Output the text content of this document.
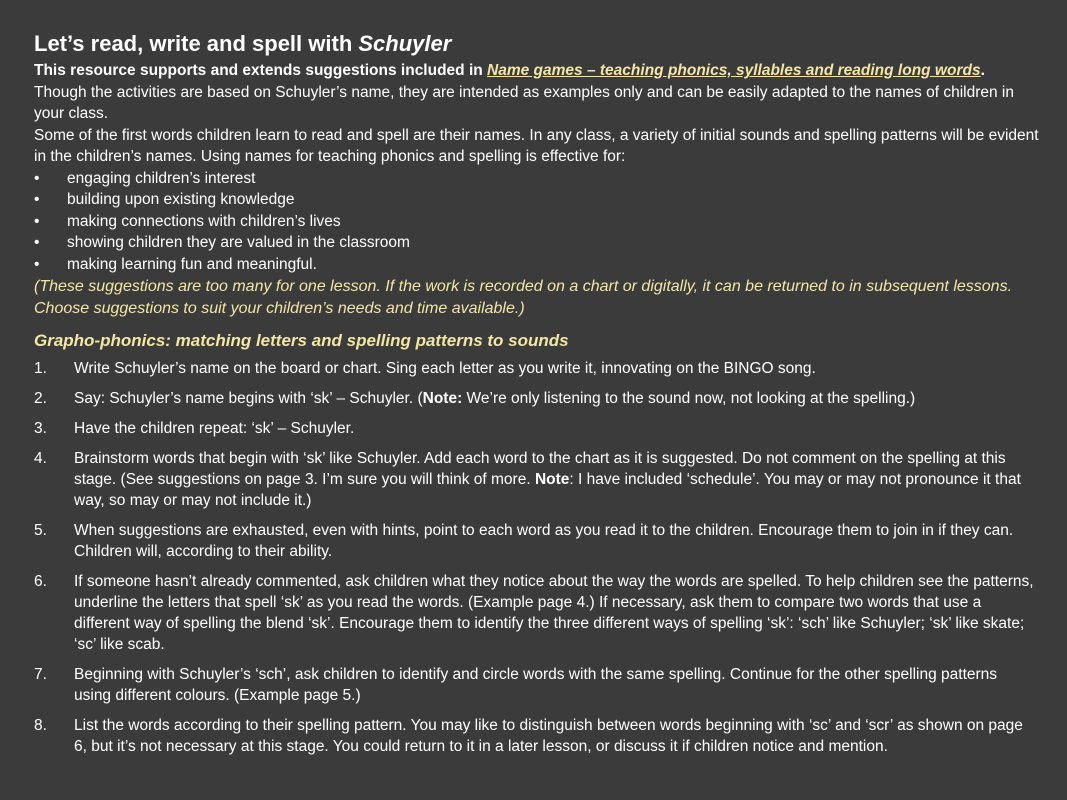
Let’s read, write and spell with Schuyler

This resource supports and extends suggestions included in Name games – teaching phonics, syllables and reading long words.

Though the activities are based on Schuyler’s name, they are intended as examples only and can be easily adapted to the names of children in your class.

Some of the first words children learn to read and spell are their names. In any class, a variety of initial sounds and spelling patterns will be evident in the children’s names. Using names for teaching phonics and spelling is effective for:

• engaging children’s interest
• building upon existing knowledge
• making connections with children’s lives
• showing children they are valued in the classroom
• making learning fun and meaningful.

(These suggestions are too many for one lesson. If the work is recorded on a chart or digitally, it can be returned to in subsequent lessons. Choose suggestions to suit your children’s needs and time available.)

Grapho-phonics: matching letters and spelling patterns to sounds
1. Write Schuyler’s name on the board or chart. Sing each letter as you write it, innovating on the BINGO song.
2. Say: Schuyler’s name begins with ‘sk’ – Schuyler. (Note: We’re only listening to the sound now, not looking at the spelling.)
3. Have the children repeat: ‘sk’ – Schuyler.
4. Brainstorm words that begin with ‘sk’ like Schuyler. Add each word to the chart as it is suggested. Do not comment on the spelling at this stage. (See suggestions on page 3. I’m sure you will think of more. Note: I have included ‘schedule’. You may or may not pronounce it that way, so may or may not include it.)
5. When suggestions are exhausted, even with hints, point to each word as you read it to the children. Encourage them to join in if they can. Children will, according to their ability.
6. If someone hasn’t already commented, ask children what they notice about the way the words are spelled. To help children see the patterns, underline the letters that spell ‘sk’ as you read the words. (Example page 4.) If necessary, ask them to compare two words that use a different way of spelling the blend ‘sk’. Encourage them to identify the three different ways of spelling ‘sk’: ‘sch’ like Schuyler; ‘sk’ like skate; ‘sc’ like scab.
7. Beginning with Schuyler’s ‘sch’, ask children to identify and circle words with the same spelling. Continue for the other spelling patterns using different colours. (Example page 5.)
8. List the words according to their spelling pattern. You may like to distinguish between words beginning with ‘sc’ and ‘scr’ as shown on page 6, but it’s not necessary at this stage. You could return to it in a later lesson, or discuss it if children notice and mention.
